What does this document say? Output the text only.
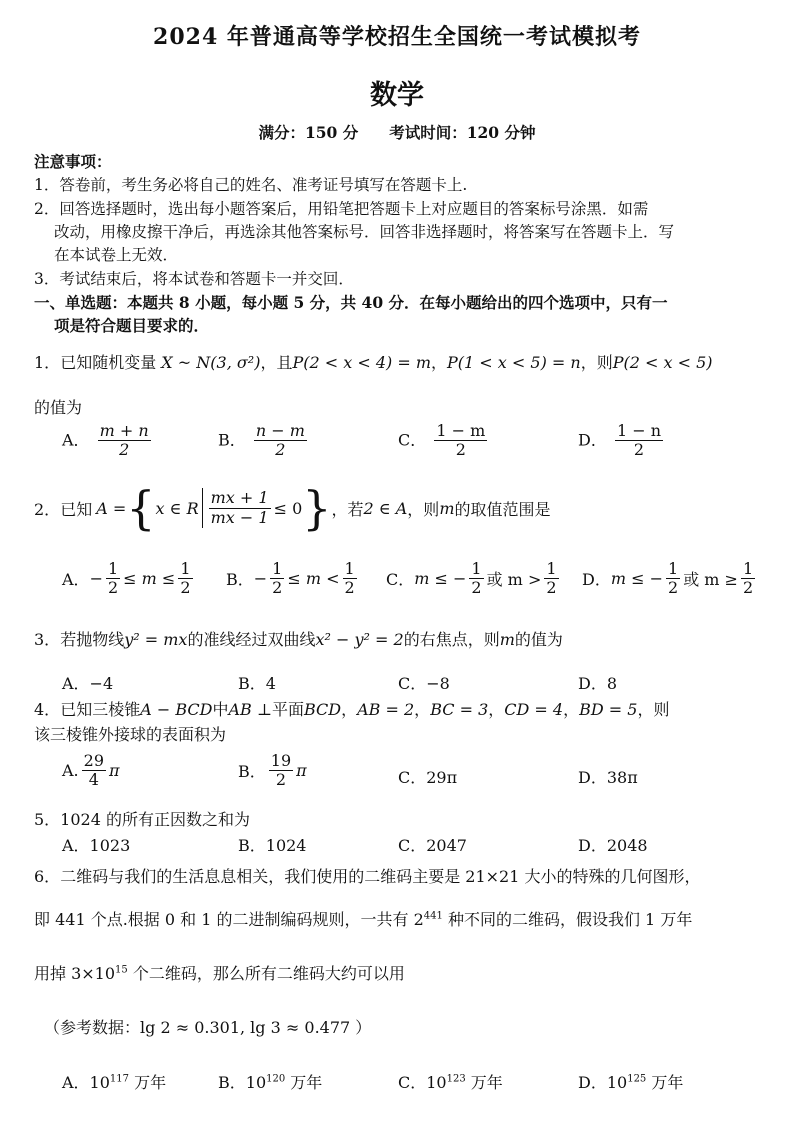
2024 年普通高等学校招生全国统一考试模拟考
数学
满分：150 分　　考试时间：120 分钟
注意事项：
1．答卷前，考生务必将自己的姓名、准考证号填写在答题卡上.
2．回答选择题时，选出每小题答案后，用铅笔把答题卡上对应题目的答案标号涂黑．如需
改动，用橡皮擦干净后，再选涂其他答案标号．回答非选择题时，将答案写在答题卡上．写
在本试卷上无效．
3．考试结束后，将本试卷和答题卡一并交回．
一、单选题：本题共 8 小题，每小题 5 分，共 40 分．在每小题给出的四个选项中，只有一
项是符合题目要求的．
1．已知随机变量 X ~ N(3, σ²)，且P(2 < x < 4) = m，P(1 < x < 5) = n，则P(2 < x < 5)
的值为
A． $\frac{m + n}{2}$	B． $\frac{n - m}{2}$	C． $\frac{1 - m}{2}$	D． $\frac{1 - n}{2}$
2． 已知 A = { x ∈ R $\frac{mx + 1}{mx - 1} \le 0$ } ，若 2 ∈ A ，则 m 的取值范围是
A． − $\frac{1}{2} \le m \le \frac{1}{2}$ B． − $\frac{1}{2} \le m < \frac{1}{2}$ C． m ≤ − $\frac{1}{2}$ 或 $m > \frac{1}{2}$ D． m ≤ − $\frac{1}{2}$ 或 $m \ge \frac{1}{2}$
3．若抛物线y² = mx的准线经过双曲线x² − y² = 2的右焦点，则m的值为
A．−4	B．4	C．−8	D．8
4．已知三棱锥A − BCD中AB ⊥平面BCD，AB = 2，BC = 3，CD = 4，BD = 5，则
该三棱锥外接球的表面积为
A. $\frac{29}{4}$ π	B． $\frac{19}{2}$ π	C．29π	D．38π
5．1024 的所有正因数之和为
A．1023	B．1024	C．2047	D．2048
6．二维码与我们的生活息息相关，我们使用的二维码主要是 21×21 大小的特殊的几何图形，
即 441 个点.根据 0 和 1 的二进制编码规则，一共有 $2^{441}$ 种不同的二维码，假设我们 1 万年
用掉 $3\times 10^{15}$ 个二维码，那么所有二维码大约可以用
（参考数据：lg 2 ≈ 0.301, lg 3 ≈ 0.477 ）
A．$10^{117}$ 万年	B．$10^{120}$ 万年	C．$10^{123}$ 万年	D．$10^{125}$ 万年
